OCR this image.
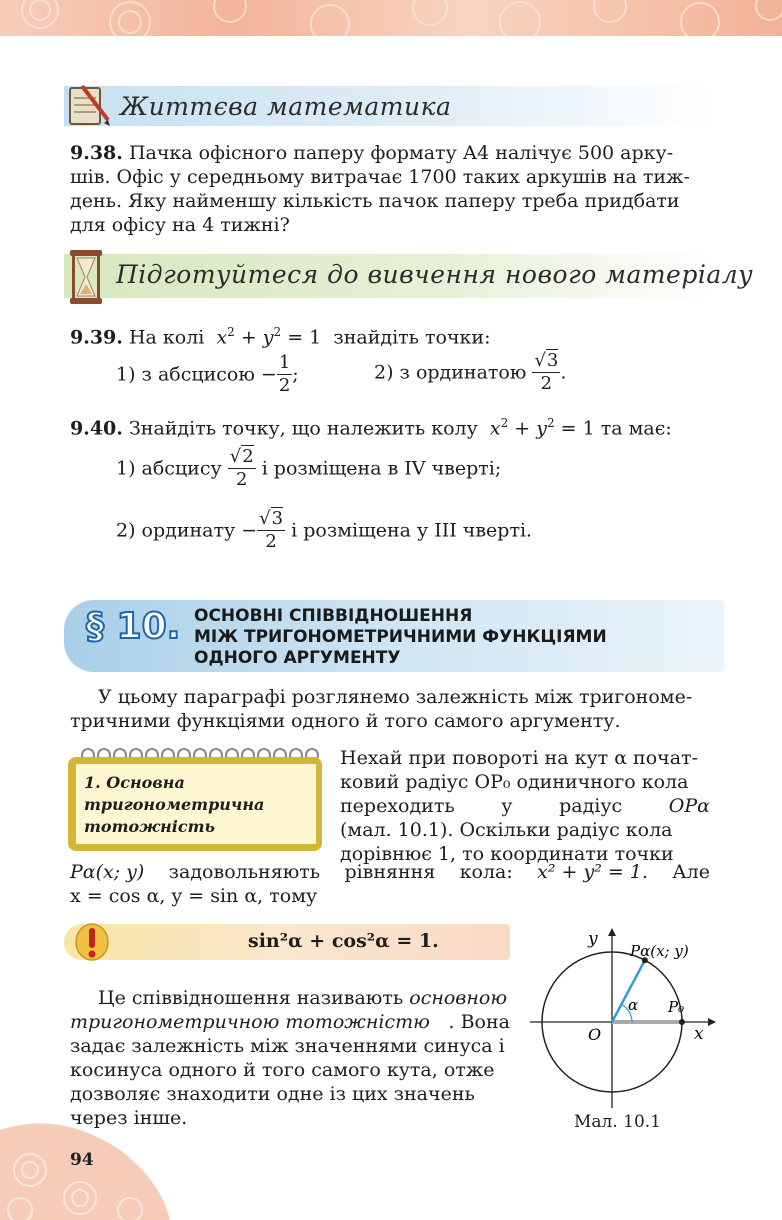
Життєва математика
9.38. Пачка офісного паперу формату А4 налічує 500 арку-
шів. Офіс у середньому витрачає 1700 таких аркушів на тиж-
день. Яку найменшу кількість пачок паперу треба придбати
для офісу на 4 тижні?
Підготуйтеся до вивчення нового матеріалу
9.39. На колі $x^2 + y^2 = 1$ знайдіть точки:
1) з абсцисою − $\frac{1}{2}$ ;	2) з ординатою $\frac{√3}{2}$ .
9.40. Знайдіть точку, що належить колу $x^2 + y^2 = 1$ та має:
1) абсцису $\frac{√2}{2}$ і розміщена в IV чверті;
2) ординату − $\frac{√3}{2}$ і розміщена у ІІІ чверті.
§ 10. ОСНОВНІ СПІВВІДНОШЕННЯ
МІЖ ТРИГОНОМЕТРИЧНИМИ ФУНКЦІЯМИ
ОДНОГО АРГУМЕНТУ
У цьому параграфі розглянемо залежність між тригономе-
тричними функціями одного й того самого аргументу.
1. Основна
тригонометрична
тотожність
Нехай при повороті на кут α почат-
ковий радіус OP₀ одиничного кола
переходить у радіус OPα
(мал. 10.1). Оскільки радіус кола
дорівнює 1, то координати точки
Pα(x; y) задовольняють рівняння кола: x² + y² = 1. Але
x = cos α, y = sin α, тому
sin²α + cos²α = 1.
Це співвідношення називають основною
тригонометричною тотожністю . Вона
задає залежність між значеннями синуса і
косинуса одного й того самого кута, отже
дозволяє знаходити одне із цих значень
через інше.
y
x
O
P₀
Pα(x; y)
α
Мал. 10.1
94
